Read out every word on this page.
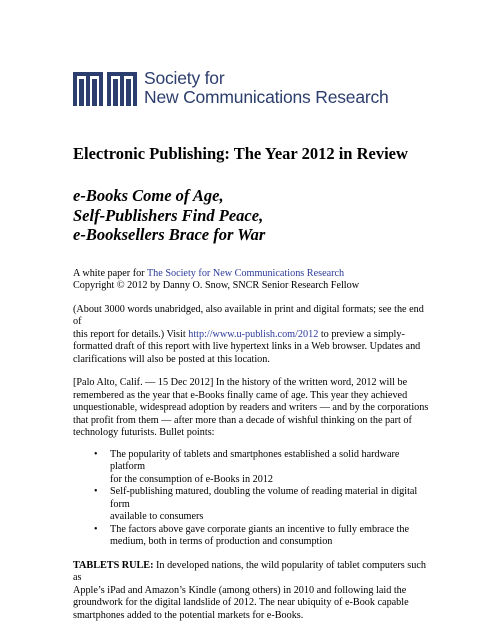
Society for
New Communications Research
Electronic Publishing: The Year 2012 in Review
e-Books Come of Age,
Self-Publishers Find Peace,
e-Booksellers Brace for War

A white paper for The Society for New Communications Research
Copyright © 2012 by Danny O. Snow, SNCR Senior Research Fellow

(About 3000 words unabridged, also available in print and digital formats; see the end of
this report for details.) Visit http://www.u-publish.com/2012 to preview a simply-
formatted draft of this report with live hypertext links in a Web browser. Updates and
clarifications will also be posted at this location.

[Palo Alto, Calif. — 15 Dec 2012] In the history of the written word, 2012 will be
remembered as the year that e-Books finally came of age. This year they achieved
unquestionable, widespread adoption by readers and writers — and by the corporations
that profit from them — after more than a decade of wishful thinking on the part of
technology futurists. Bullet points:

• The popularity of tablets and smartphones established a solid hardware platform
for the consumption of e-Books in 2012
• Self-publishing matured, doubling the volume of reading material in digital form
available to consumers
• The factors above gave corporate giants an incentive to fully embrace the
medium, both in terms of production and consumption

TABLETS RULE: In developed nations, the wild popularity of tablet computers such as
Apple’s iPad and Amazon’s Kindle (among others) in 2010 and following laid the
groundwork for the digital landslide of 2012. The near ubiquity of e-Book capable
smartphones added to the potential markets for e-Books.
